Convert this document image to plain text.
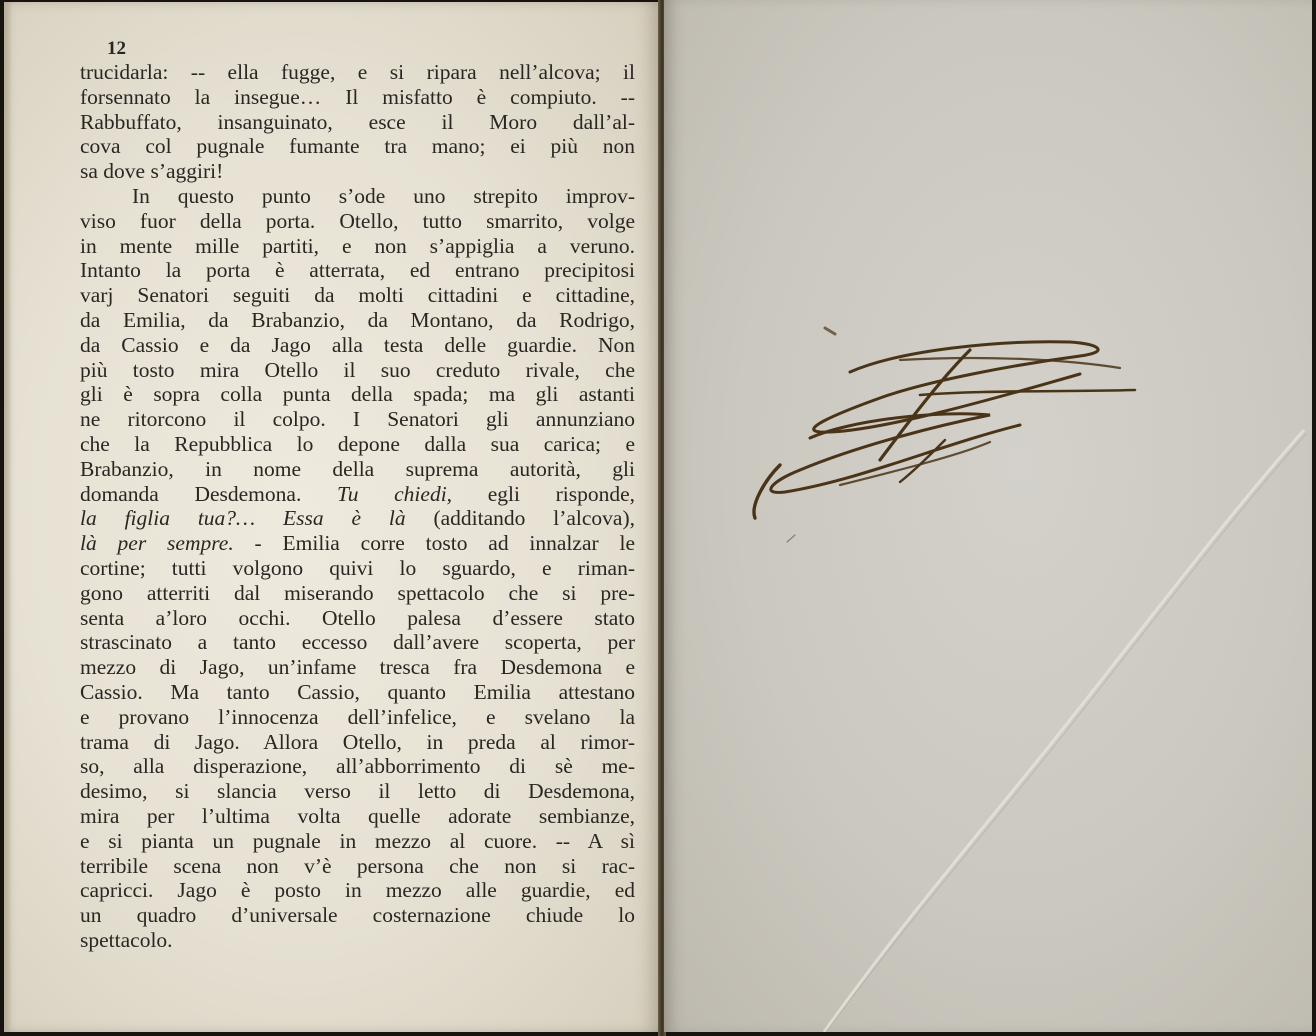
12
trucidarla: -- ella fugge, e si ripara nell’alcova; il
forsennato la insegue… Il misfatto è compiuto. --
Rabbuffato, insanguinato, esce il Moro dall’al-
cova col pugnale fumante tra mano; ei più non
sa dove s’aggiri!
In questo punto s’ode uno strepito improv-
viso fuor della porta. Otello, tutto smarrito, volge
in mente mille partiti, e non s’appiglia a veruno.
Intanto la porta è atterrata, ed entrano precipitosi
varj Senatori seguiti da molti cittadini e cittadine,
da Emilia, da Brabanzio, da Montano, da Rodrigo,
da Cassio e da Jago alla testa delle guardie. Non
più tosto mira Otello il suo creduto rivale, che
gli è sopra colla punta della spada; ma gli astanti
ne ritorcono il colpo. I Senatori gli annunziano
che la Repubblica lo depone dalla sua carica; e
Brabanzio, in nome della suprema autorità, gli
domanda Desdemona. Tu chiedi, egli risponde,
la figlia tua?… Essa è là (additando l’alcova),
là per sempre. - Emilia corre tosto ad innalzar le
cortine; tutti volgono quivi lo sguardo, e riman-
gono atterriti dal miserando spettacolo che si pre-
senta a’loro occhi. Otello palesa d’essere stato
strascinato a tanto eccesso dall’avere scoperta, per
mezzo di Jago, un’infame tresca fra Desdemona e
Cassio. Ma tanto Cassio, quanto Emilia attestano
e provano l’innocenza dell’infelice, e svelano la
trama di Jago. Allora Otello, in preda al rimor-
so, alla disperazione, all’abborrimento di sè me-
desimo, si slancia verso il letto di Desdemona,
mira per l’ultima volta quelle adorate sembianze,
e si pianta un pugnale in mezzo al cuore. -- A sì
terribile scena non v’è persona che non si rac-
capricci. Jago è posto in mezzo alle guardie, ed
un quadro d’universale costernazione chiude lo
spettacolo.
